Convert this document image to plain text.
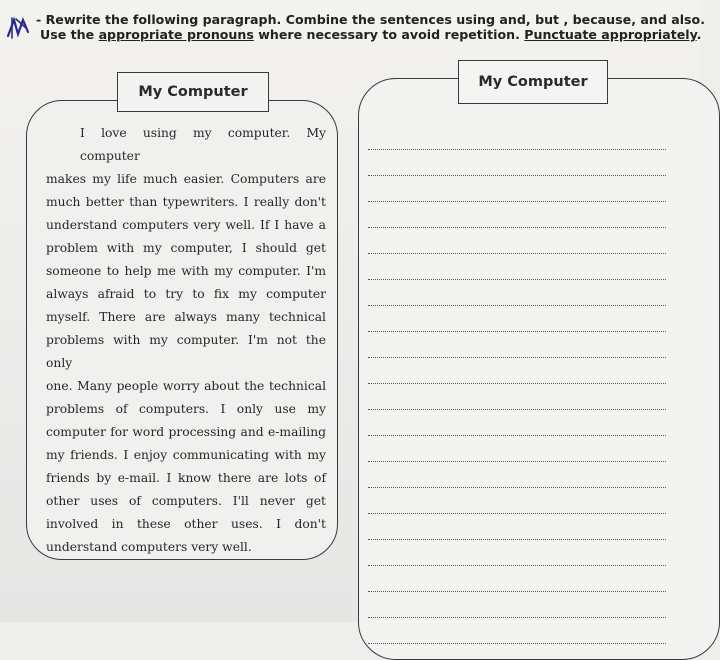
- Rewrite the following paragraph. Combine the sentences using and, but , because, and also.
Use the appropriate pronouns where necessary to avoid repetition. Punctuate appropriately.
My Computer
I love using my computer. My computer
makes my life much easier. Computers are
much better than typewriters. I really don't
understand computers very well. If I have a
problem with my computer, I should get
someone to help me with my computer. I'm
always afraid to try to fix my computer
myself. There are always many technical
problems with my computer. I'm not the only
one. Many people worry about the technical
problems of computers. I only use my
computer for word processing and e-mailing
my friends. I enjoy communicating with my
friends by e-mail. I know there are lots of
other uses of computers. I'll never get
involved in these other uses. I don't
understand computers very well.
My Computer
